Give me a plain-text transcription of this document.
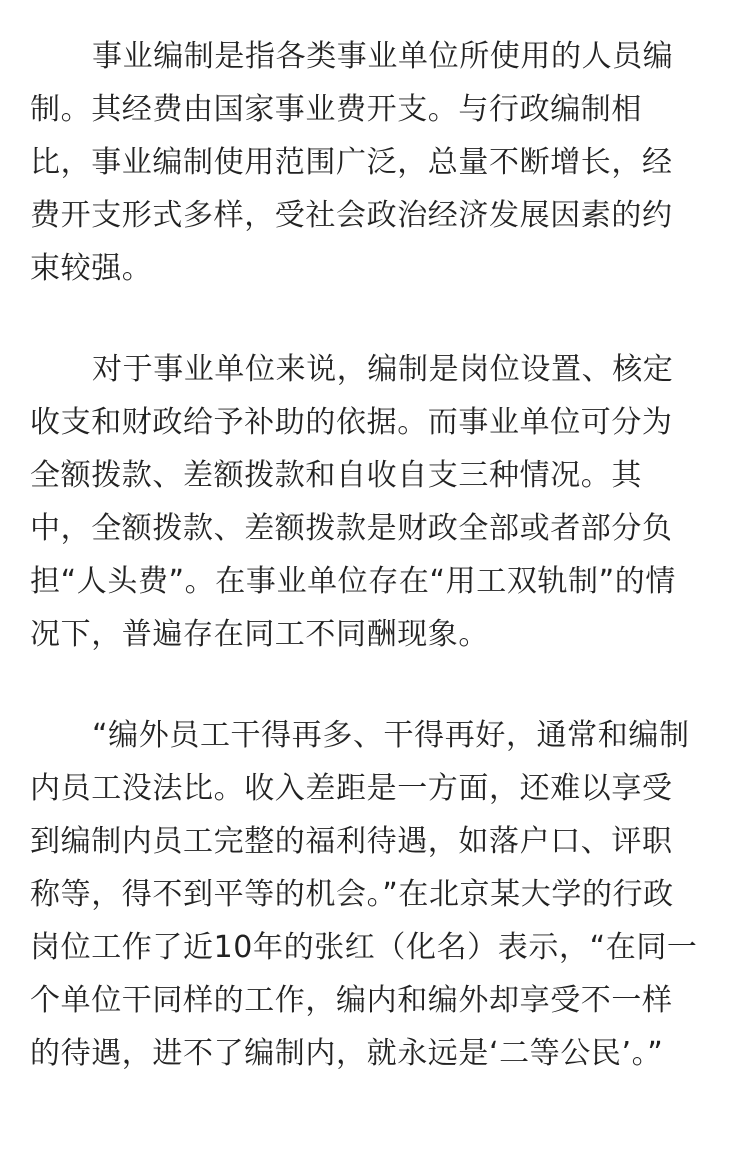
事业编制是指各类事业单位所使用的人员编
制。其经费由国家事业费开支。与行政编制相
比，事业编制使用范围广泛，总量不断增长，经
费开支形式多样，受社会政治经济发展因素的约
束较强。
对于事业单位来说，编制是岗位设置、核定
收支和财政给予补助的依据。而事业单位可分为
全额拨款、差额拨款和自收自支三种情况。其
中，全额拨款、差额拨款是财政全部或者部分负
担“人头费”。在事业单位存在“用工双轨制”的情
况下，普遍存在同工不同酬现象。
“编外员工干得再多、干得再好，通常和编制
内员工没法比。收入差距是一方面，还难以享受
到编制内员工完整的福利待遇，如落户口、评职
称等，得不到平等的机会。”在北京某大学的行政
岗位工作了近10年的张红（化名）表示，“在同一
个单位干同样的工作，编内和编外却享受不一样
的待遇，进不了编制内，就永远是‘二等公民’。”
